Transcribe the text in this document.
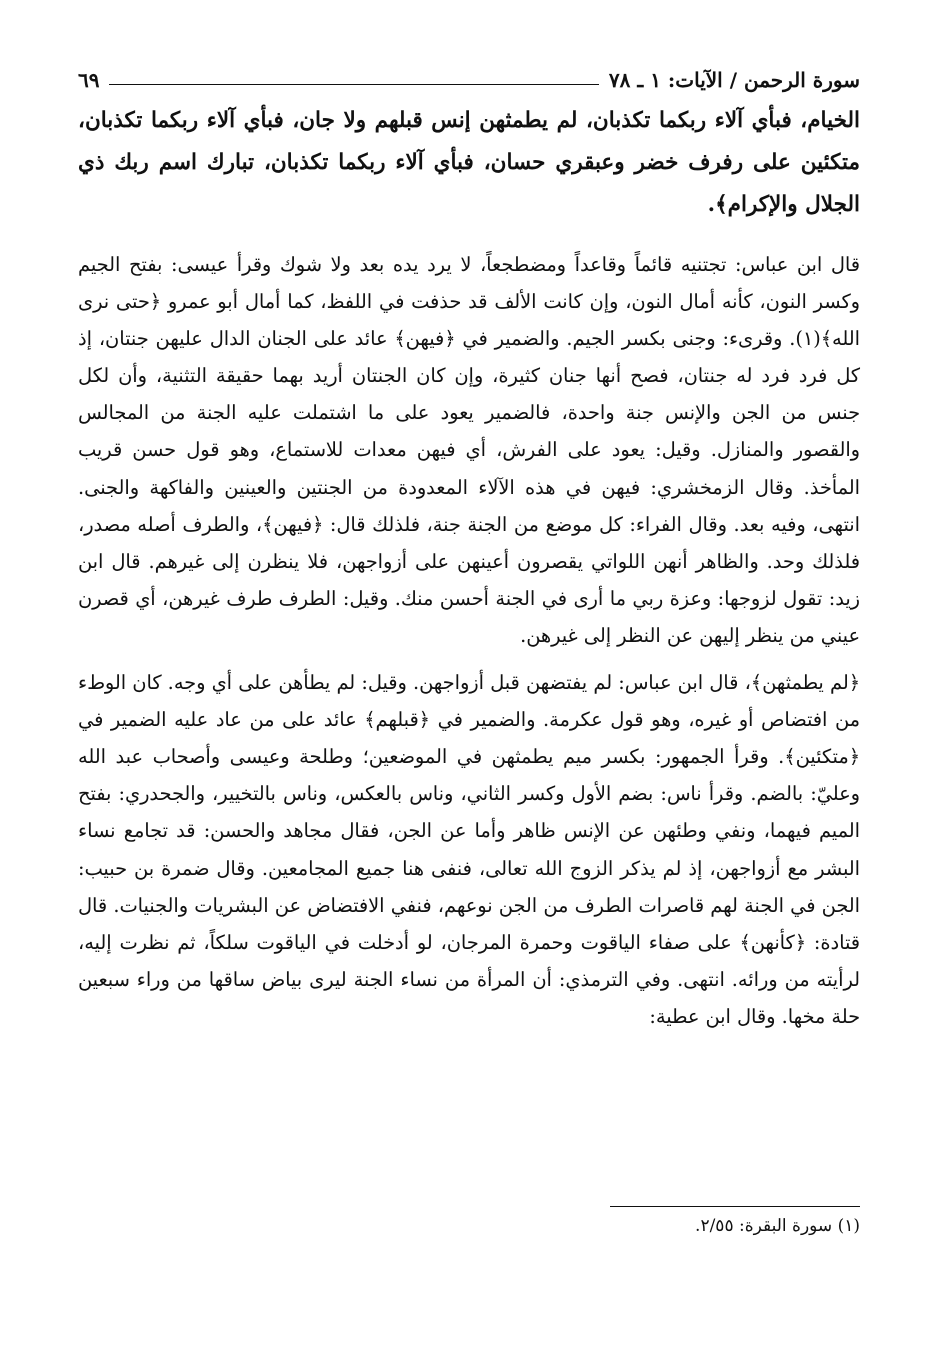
سورة الرحمن / الآيات: ١ ـ ٧٨
٦٩
الخيام، فبأي آلاء ربكما تكذبان، لم يطمثهن إنس قبلهم ولا جان، فبأي آلاء ربكما تكذبان، متكئين على رفرف خضر وعبقري حسان، فبأي آلاء ربكما تكذبان، تبارك اسم ربك ذي الجلال والإكرام﴾.

قال ابن عباس: تجتنيه قائماً وقاعداً ومضطجعاً، لا يرد يده بعد ولا شوك وقرأ عيسى: بفتح الجيم وكسر النون، كأنه أمال النون، وإن كانت الألف قد حذفت في اللفظ، كما أمال أبو عمرو ﴿حتى نرى الله﴾(١). وقرىء: وجنى بكسر الجيم. والضمير في ﴿فيهن﴾ عائد على الجنان الدال عليهن جنتان، إذ كل فرد فرد له جنتان، فصح أنها جنان كثيرة، وإن كان الجنتان أريد بهما حقيقة التثنية، وأن لكل جنس من الجن والإنس جنة واحدة، فالضمير يعود على ما اشتملت عليه الجنة من المجالس والقصور والمنازل. وقيل: يعود على الفرش، أي فيهن معدات للاستماع، وهو قول حسن قريب المأخذ. وقال الزمخشري: فيهن في هذه الآلاء المعدودة من الجنتين والعينين والفاكهة والجنى. انتهى، وفيه بعد. وقال الفراء: كل موضع من الجنة جنة، فلذلك قال: ﴿فيهن﴾، والطرف أصله مصدر، فلذلك وحد. والظاهر أنهن اللواتي يقصرون أعينهن على أزواجهن، فلا ينظرن إلى غيرهم. قال ابن زيد: تقول لزوجها: وعزة ربي ما أرى في الجنة أحسن منك. وقيل: الطرف طرف غيرهن، أي قصرن عيني من ينظر إليهن عن النظر إلى غيرهن.

﴿لم يطمثهن﴾، قال ابن عباس: لم يفتضهن قبل أزواجهن. وقيل: لم يطأهن على أي وجه. كان الوطء من افتضاص أو غيره، وهو قول عكرمة. والضمير في ﴿قبلهم﴾ عائد على من عاد عليه الضمير في ﴿متكئين﴾. وقرأ الجمهور: بكسر ميم يطمثهن في الموضعين؛ وطلحة وعيسى وأصحاب عبد الله وعليّ: بالضم. وقرأ ناس: بضم الأول وكسر الثاني، وناس بالعكس، وناس بالتخيير، والجحدري: بفتح الميم فيهما، ونفي وطئهن عن الإنس ظاهر وأما عن الجن، فقال مجاهد والحسن: قد تجامع نساء البشر مع أزواجهن، إذ لم يذكر الزوج الله تعالى، فنفى هنا جميع المجامعين. وقال ضمرة بن حبيب: الجن في الجنة لهم قاصرات الطرف من الجن نوعهم، فنفي الافتضاض عن البشريات والجنيات. قال قتادة: ﴿كأنهن﴾ على صفاء الياقوت وحمرة المرجان، لو أدخلت في الياقوت سلكاً، ثم نظرت إليه، لرأيته من ورائه. انتهى. وفي الترمذي: أن المرأة من نساء الجنة ليرى بياض ساقها من وراء سبعين حلة مخها. وقال ابن عطية:

(١) سورة البقرة: ٢/٥٥.
